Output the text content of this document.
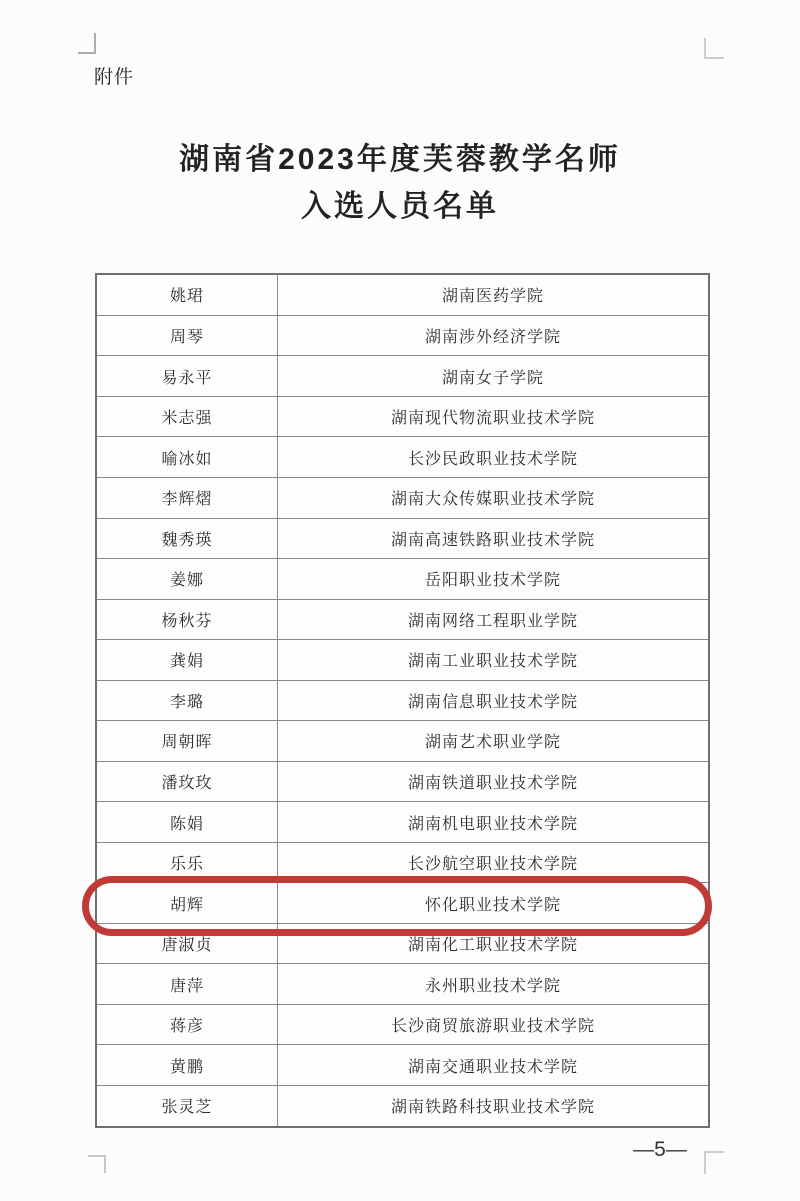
附件
湖南省2023年度芙蓉教学名师
入选人员名单
姚珺	湖南医药学院
周琴	湖南涉外经济学院
易永平	湖南女子学院
米志强	湖南现代物流职业技术学院
喻冰如	长沙民政职业技术学院
李辉熠	湖南大众传媒职业技术学院
魏秀瑛	湖南高速铁路职业技术学院
姜娜	岳阳职业技术学院
杨秋芬	湖南网络工程职业学院
龚娟	湖南工业职业技术学院
李璐	湖南信息职业技术学院
周朝晖	湖南艺术职业学院
潘玫玫	湖南铁道职业技术学院
陈娟	湖南机电职业技术学院
乐乐	长沙航空职业技术学院
胡辉	怀化职业技术学院
唐淑贞	湖南化工职业技术学院
唐萍	永州职业技术学院
蒋彦	长沙商贸旅游职业技术学院
黄鹏	湖南交通职业技术学院
张灵芝	湖南铁路科技职业技术学院
—5—
